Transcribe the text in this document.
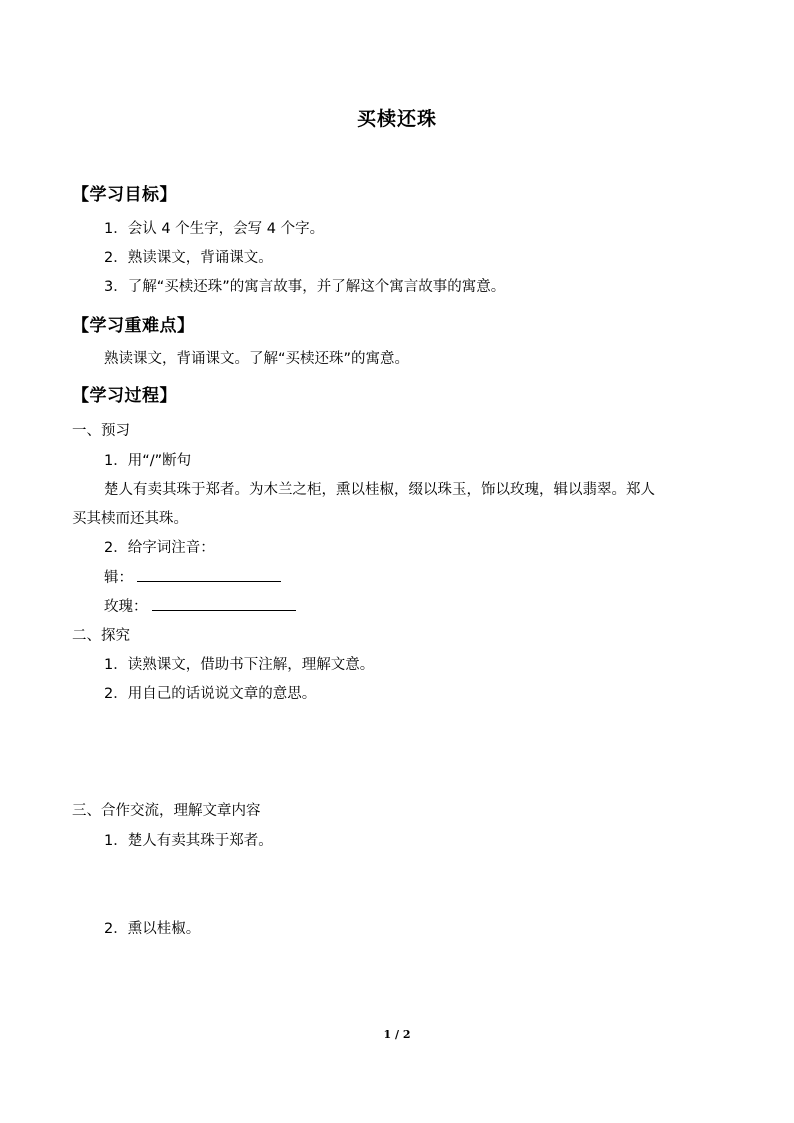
买椟还珠
【学习目标】
1．会认 4 个生字，会写 4 个字。
2．熟读课文，背诵课文。
3．了解“买椟还珠”的寓言故事，并了解这个寓言故事的寓意。
【学习重难点】
熟读课文，背诵课文。了解“买椟还珠”的寓意。
【学习过程】
一、预习
1．用“/”断句
楚人有卖其珠于郑者。为木兰之柜，熏以桂椒，缀以珠玉，饰以玫瑰，辑以翡翠。郑人
买其椟而还其珠。
2．给字词注音：
辑：
玫瑰：
二、探究
1．读熟课文，借助书下注解，理解文意。
2．用自己的话说说文章的意思。
三、合作交流，理解文章内容
1．楚人有卖其珠于郑者。
2．熏以桂椒。
1 / 2
